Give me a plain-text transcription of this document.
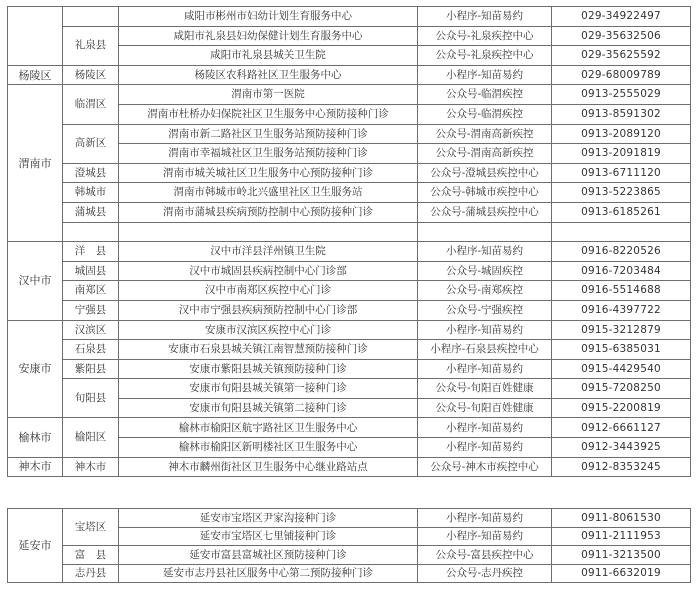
		咸阳市彬州市妇幼计划生育服务中心	小程序-知苗易约	029-34922497
	礼泉县	咸阳市礼泉县妇幼保健计划生育服务中心	公众号-礼泉疾控中心	029-35632506
		咸阳市礼泉县城关卫生院	公众号-礼泉疾控中心	029-35625592
杨陵区	杨陵区	杨陵区农科路社区卫生服务中心	小程序-知苗易约	029-68009789
渭南市	临渭区	渭南市第一医院	公众号-临渭疾控	0913-2555029
		渭南市杜桥办妇保院社区卫生服务中心预防接种门诊	公众号-临渭疾控	0913-8591302
	高新区	渭南市新二路社区卫生服务站预防接种门诊	公众号-渭南高新疾控	0913-2089120
		渭南市幸福城社区卫生服务站预防接种门诊	公众号-渭南高新疾控	0913-2091819
	澄城县	渭南市城关城社区卫生服务中心预防接种门诊	公众号-澄城县疾控中心	0913-6711120
	韩城市	渭南市韩城市岭北兴盛里社区卫生服务站	公众号-韩城市疾控中心	0913-5223865
	蒲城县	渭南市蒲城县疾病预防控制中心预防接种门诊	公众号-蒲城县疾控中心	0913-6185261

汉中市	洋　县	汉中市洋县洋州镇卫生院	小程序-知苗易约	0916-8220526
	城固县	汉中市城固县疾病控制中心门诊部	公众号-城固疾控	0916-7203484
	南郑区	汉中市南郑区疾控中心门诊	公众号-南郑疾控	0916-5514688
	宁强县	汉中市宁强县疾病预防控制中心门诊部	公众号-宁强疾控	0916-4397722
安康市	汉滨区	安康市汉滨区疾控中心门诊	小程序-知苗易约	0915-3212879
	石泉县	安康市石泉县城关镇江南智慧预防接种门诊	小程序-石泉县疾控中心	0915-6385031
	紫阳县	安康市紫阳县城关镇预防接种门诊	小程序-知苗易约	0915-4429540
	旬阳县	安康市旬阳县城关镇第一接种门诊	公众号-旬阳百姓健康	0915-7208250
		安康市旬阳县城关镇第二接种门诊	公众号-旬阳百姓健康	0915-2200819
榆林市	榆阳区	榆林市榆阳区航宇路社区卫生服务中心	小程序-知苗易约	0912-6661127
		榆林市榆阳区新明楼社区卫生服务中心	小程序-知苗易约	0912-3443925
神木市	神木市	神木市麟州街社区卫生服务中心继业路站点	公众号-神木市疾控中心	0912-8353245
延安市	宝塔区	延安市宝塔区尹家沟接种门诊	小程序-知苗易约	0911-8061530
		延安市宝塔区七里铺接种门诊	小程序-知苗易约	0911-2111953
	富　县	延安市富县富城社区预防接种门诊	公众号-富县疾控中心	0911-3213500
	志丹县	延安市志丹县社区服务中心第二预防接种门诊	公众号-志丹疾控	0911-6632019
